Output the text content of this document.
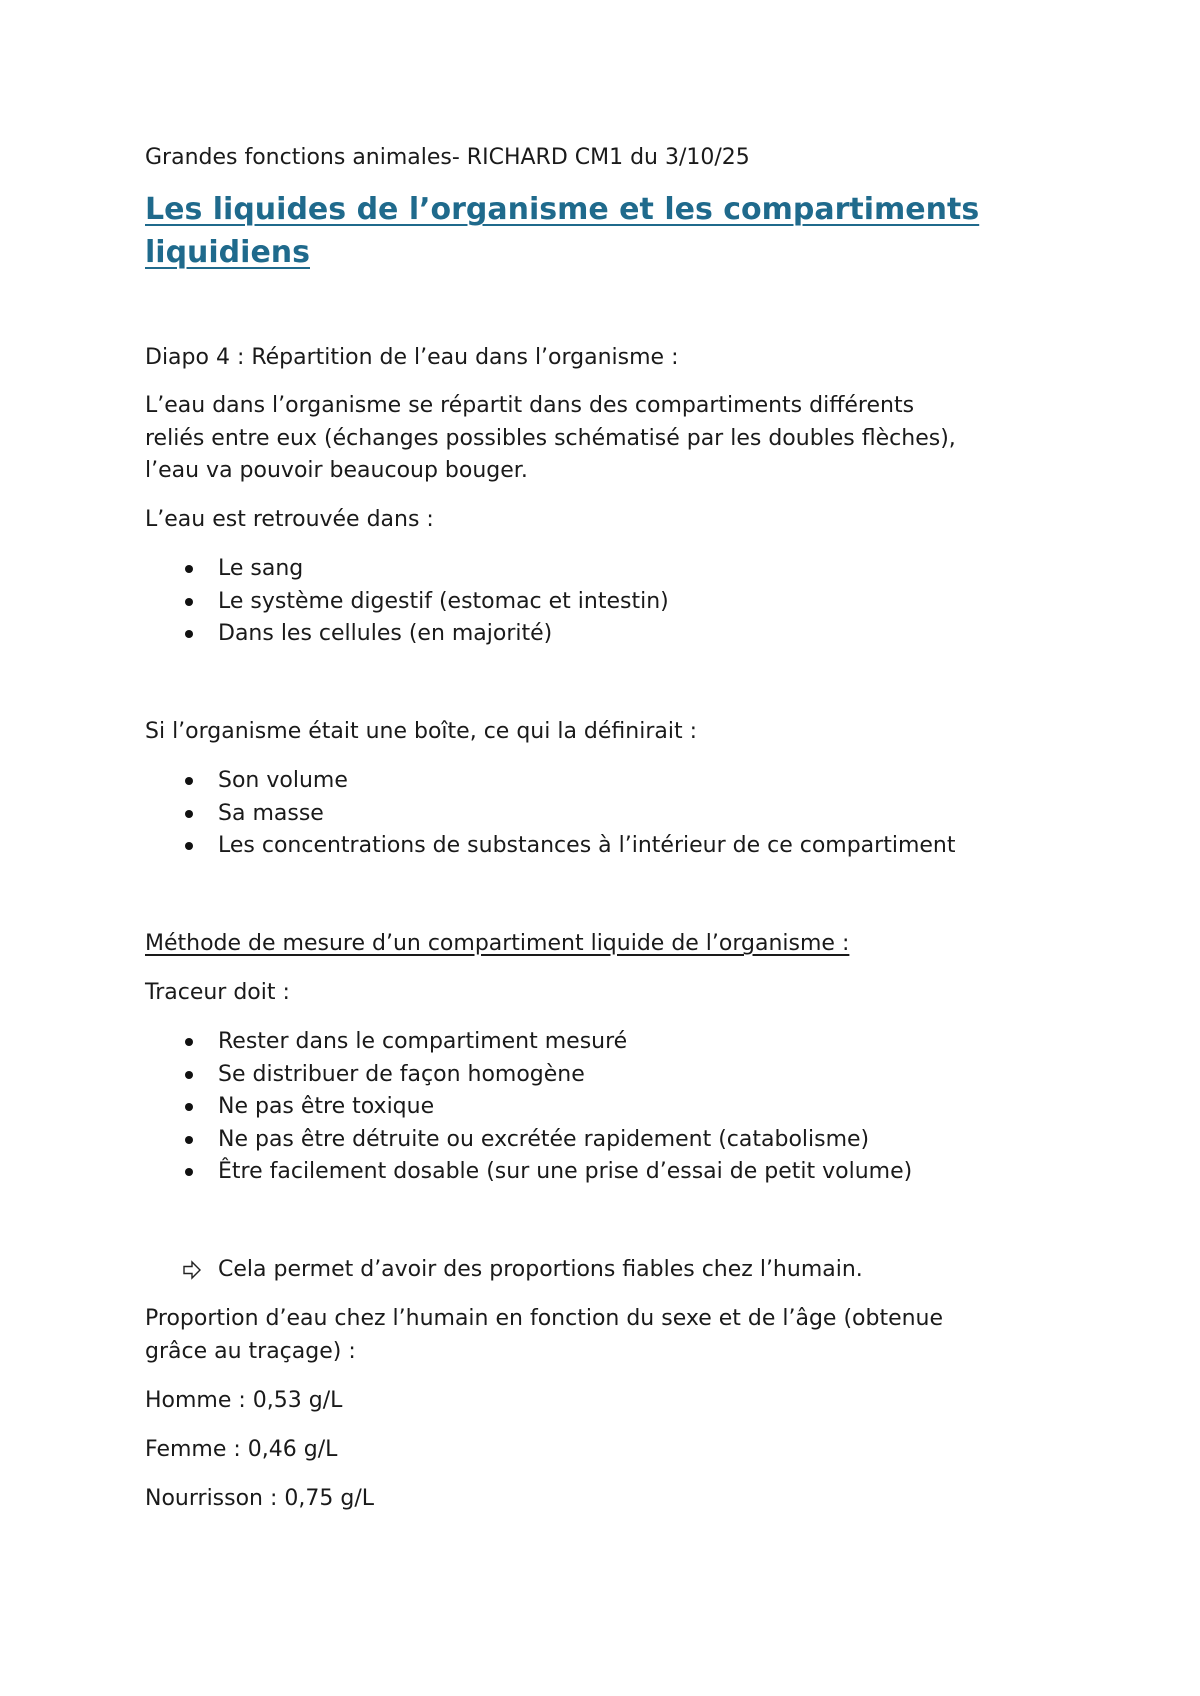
Grandes fonctions animales- RICHARD CM1 du 3/10/25
Les liquides de l’organisme et les compartiments
liquidiens

Diapo 4 : Répartition de l’eau dans l’organisme :

L’eau dans l’organisme se répartit dans des compartiments différents
reliés entre eux (échanges possibles schématisé par les doubles flèches),
l’eau va pouvoir beaucoup bouger.

L’eau est retrouvée dans :

Le sang
Le système digestif (estomac et intestin)
Dans les cellules (en majorité)

Si l’organisme était une boîte, ce qui la définirait :

Son volume
Sa masse
Les concentrations de substances à l’intérieur de ce compartiment

Méthode de mesure d’un compartiment liquide de l’organisme :

Traceur doit :

Rester dans le compartiment mesuré
Se distribuer de façon homogène
Ne pas être toxique
Ne pas être détruite ou excrétée rapidement (catabolisme)
Être facilement dosable (sur une prise d’essai de petit volume)
Cela permet d’avoir des proportions fiables chez l’humain.

Proportion d’eau chez l’humain en fonction du sexe et de l’âge (obtenue
grâce au traçage) :

Homme : 0,53 g/L

Femme : 0,46 g/L

Nourrisson : 0,75 g/L
